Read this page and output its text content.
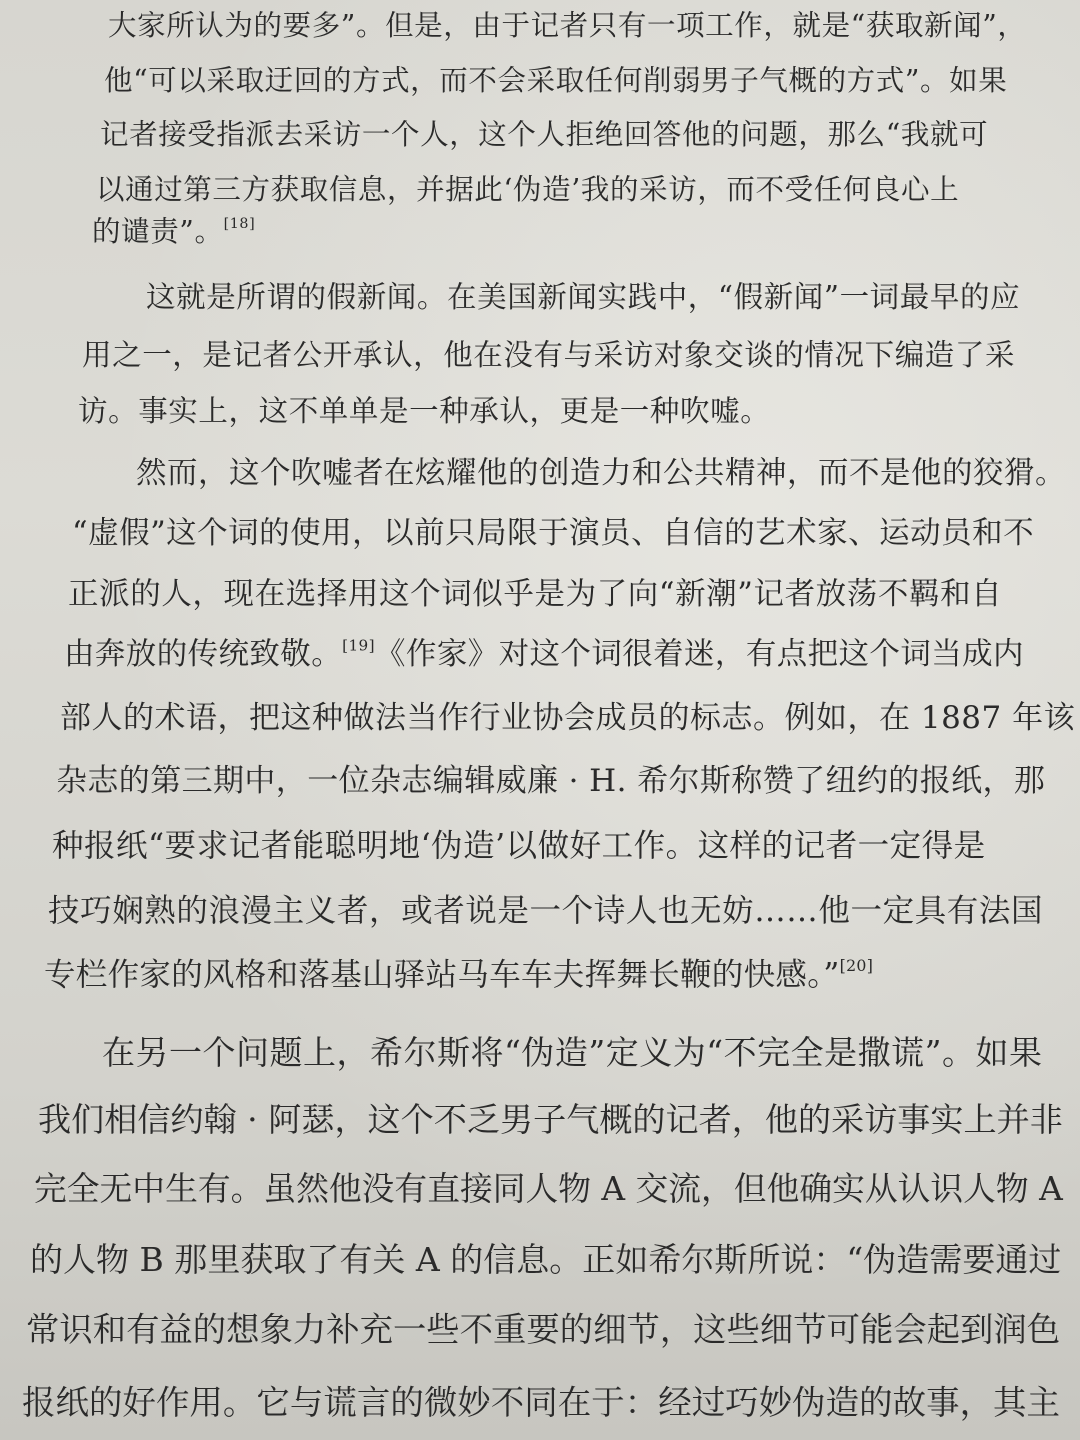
大家所认为的要多”。但是，由于记者只有一项工作，就是“获取新闻”，
他“可以采取迂回的方式，而不会采取任何削弱男子气概的方式”。如果
记者接受指派去采访一个人，这个人拒绝回答他的问题，那么“我就可
以通过第三方获取信息，并据此‘伪造’我的采访，而不受任何良心上
的谴责”。[18]
这就是所谓的假新闻。在美国新闻实践中，“假新闻”一词最早的应
用之一，是记者公开承认，他在没有与采访对象交谈的情况下编造了采
访。事实上，这不单单是一种承认，更是一种吹嘘。
然而，这个吹嘘者在炫耀他的创造力和公共精神，而不是他的狡猾。
“虚假”这个词的使用，以前只局限于演员、自信的艺术家、运动员和不
正派的人，现在选择用这个词似乎是为了向“新潮”记者放荡不羁和自
由奔放的传统致敬。[19]《作家》对这个词很着迷，有点把这个词当成内
部人的术语，把这种做法当作行业协会成员的标志。例如，在 1887 年该
杂志的第三期中，一位杂志编辑威廉 · H. 希尔斯称赞了纽约的报纸，那
种报纸“要求记者能聪明地‘伪造’以做好工作。这样的记者一定得是
技巧娴熟的浪漫主义者，或者说是一个诗人也无妨……他一定具有法国
专栏作家的风格和落基山驿站马车车夫挥舞长鞭的快感。”[20]
在另一个问题上，希尔斯将“伪造”定义为“不完全是撒谎”。如果
我们相信约翰 · 阿瑟，这个不乏男子气概的记者，他的采访事实上并非
完全无中生有。虽然他没有直接同人物 A 交流，但他确实从认识人物 A
的人物 B 那里获取了有关 A 的信息。正如希尔斯所说：“伪造需要通过
常识和有益的想象力补充一些不重要的细节，这些细节可能会起到润色
报纸的好作用。它与谎言的微妙不同在于：经过巧妙伪造的故事，其主
